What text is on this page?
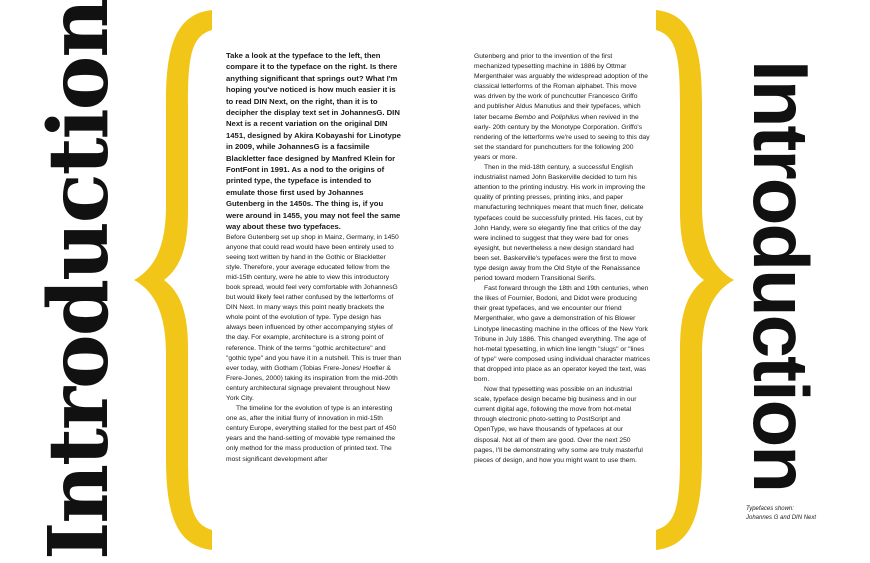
Introduction	Take a look at the typeface to the left, then compare it to the typeface on the right. Is there anything significant that springs out? What I'm hoping you've noticed is how much easier it is to read DIN Next, on the right, than it is to decipher the display text set in JohannesG. DIN Next is a recent variation on the original DIN 1451, designed by Akira Kobayashi for Linotype in 2009, while JohannesG is a facsimile Blackletter face designed by Manfred Klein for FontFont in 1991. As a nod to the origins of printed type, the typeface is intended to emulate those first used by Johannes Gutenberg in the 1450s. The thing is, if you were around in 1455, you may not feel the same way about these two typefaces.

Before Gutenberg set up shop in Mainz, Germany, in 1450 anyone that could read would have been entirely used to seeing text written by hand in the Gothic or Blackletter style. Therefore, your average educated fellow from the mid-15th century, were he able to view this introductory book spread, would feel very comfortable with JohannesG but would likely feel rather confused by the letterforms of DIN Next. In many ways this point neatly brackets the whole point of the evolution of type. Type design has always been influenced by other accompanying styles of the day. For example, architecture is a strong point of reference. Think of the terms "gothic architecture" and "gothic type" and you have it in a nutshell. This is truer than ever today, with Gotham (Tobias Frere-Jones/ Hoefler & Frere-Jones, 2000) taking its inspiration from the mid-20th century architectural signage prevalent throughout New York City.

The timeline for the evolution of type is an interesting one as, after the initial flurry of innovation in mid-15th century Europe, everything stalled for the best part of 450 years and the hand-setting of movable type remained the only method for the mass production of printed text. The most significant development after

Gutenberg and prior to the invention of the first mechanized typesetting machine in 1886 by Ottmar Mergenthaler was arguably the widespread adoption of the classical letterforms of the Roman alphabet. This move was driven by the work of punchcutter Francesco Griffo and publisher Aldus Manutius and their typefaces, which later became Bembo and Poliphilus when revived in the early- 20th century by the Monotype Corporation. Griffo's rendering of the letterforms we're used to seeing to this day set the standard for punchcutters for the following 200 years or more.

Then in the mid-18th century, a successful English industrialist named John Baskerville decided to turn his attention to the printing industry. His work in improving the quality of printing presses, printing inks, and paper manufacturing techniques meant that much finer, delicate typefaces could be successfully printed. His faces, cut by John Handy, were so elegantly fine that critics of the day were inclined to suggest that they were bad for ones eyesight, but nevertheless a new design standard had been set. Baskerville's typefaces were the first to move type design away from the Old Style of the Renaissance period toward modern Transitional Serifs.

Fast forward through the 18th and 19th centuries, when the likes of Fournier, Bodoni, and Didot were producing their great typefaces, and we encounter our friend Mergenthaler, who gave a demonstration of his Blower Linotype linecasting machine in the offices of the New York Tribune in July 1886. This changed everything. The age of hot-metal typesetting, in which line length "slugs" or "lines of type" were composed using individual character matrices that dropped into place as an operator keyed the text, was born.

Now that typesetting was possible on an industrial scale, typeface design became big business and in our current digital age, following the move from hot-metal through electronic photo-setting to PostScript and OpenType, we have thousands of typefaces at our disposal. Not all of them are good. Over the next 250 pages, I'll be demonstrating why some are truly masterful pieces of design, and how you might want to use them. Introduction
Typefaces shown:
Johannes G and DIN Next
